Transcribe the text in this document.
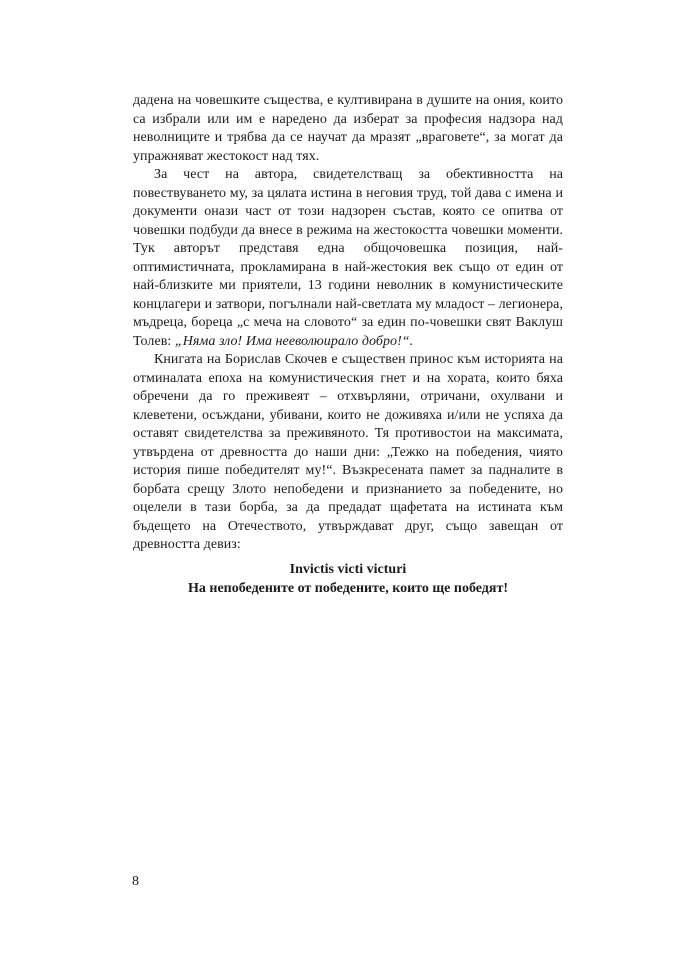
дадена на човешките същества, е култивирана в душите на ония, които са избрали или им е наредено да изберат за професия надзора над неволниците и трябва да се научат да мразят „враговете“, за могат да упражняват жестокост над тях.

За чест на автора, свидетелстващ за обективността на повествуването му, за цялата истина в неговия труд, той дава с имена и документи онази част от този надзорен състав, която се опитва от човешки подбуди да внесе в режима на жестокостта човешки моменти. Тук авторът представя една общочовешка позиция, най-оптимистичната, прокламирана в най-жестокия век също от един от най-близките ми приятели, 13 години неволник в комунистическите концлагери и затвори, погълнали най-светлата му младост – легионера, мъдреца, бореца „с меча на словото“ за един по-човешки свят Ваклуш Толев: „Няма зло! Има нееволюирало добро!“.

Книгата на Борислав Скочев е съществен принос към историята на отминалата епоха на комунистическия гнет и на хората, които бяха обречени да го преживеят – отхвърляни, отричани, охулвани и клеветени, осъждани, убивани, които не доживяха и/или не успяха да оставят свидетелства за преживяното. Тя противостои на максимата, утвърдена от древността до наши дни: „Тежко на победения, чиято история пише победителят му!“. Възкресената памет за падналите в борбата срещу Злото непобедени и признанието за победените, но оцелели в тази борба, за да предадат щафетата на истината към бъдещето на Отечеството, утвърждават друг, също завещан от древността девиз:

Invictis victi victuri
На непобедените от победените, които ще победят!
8
